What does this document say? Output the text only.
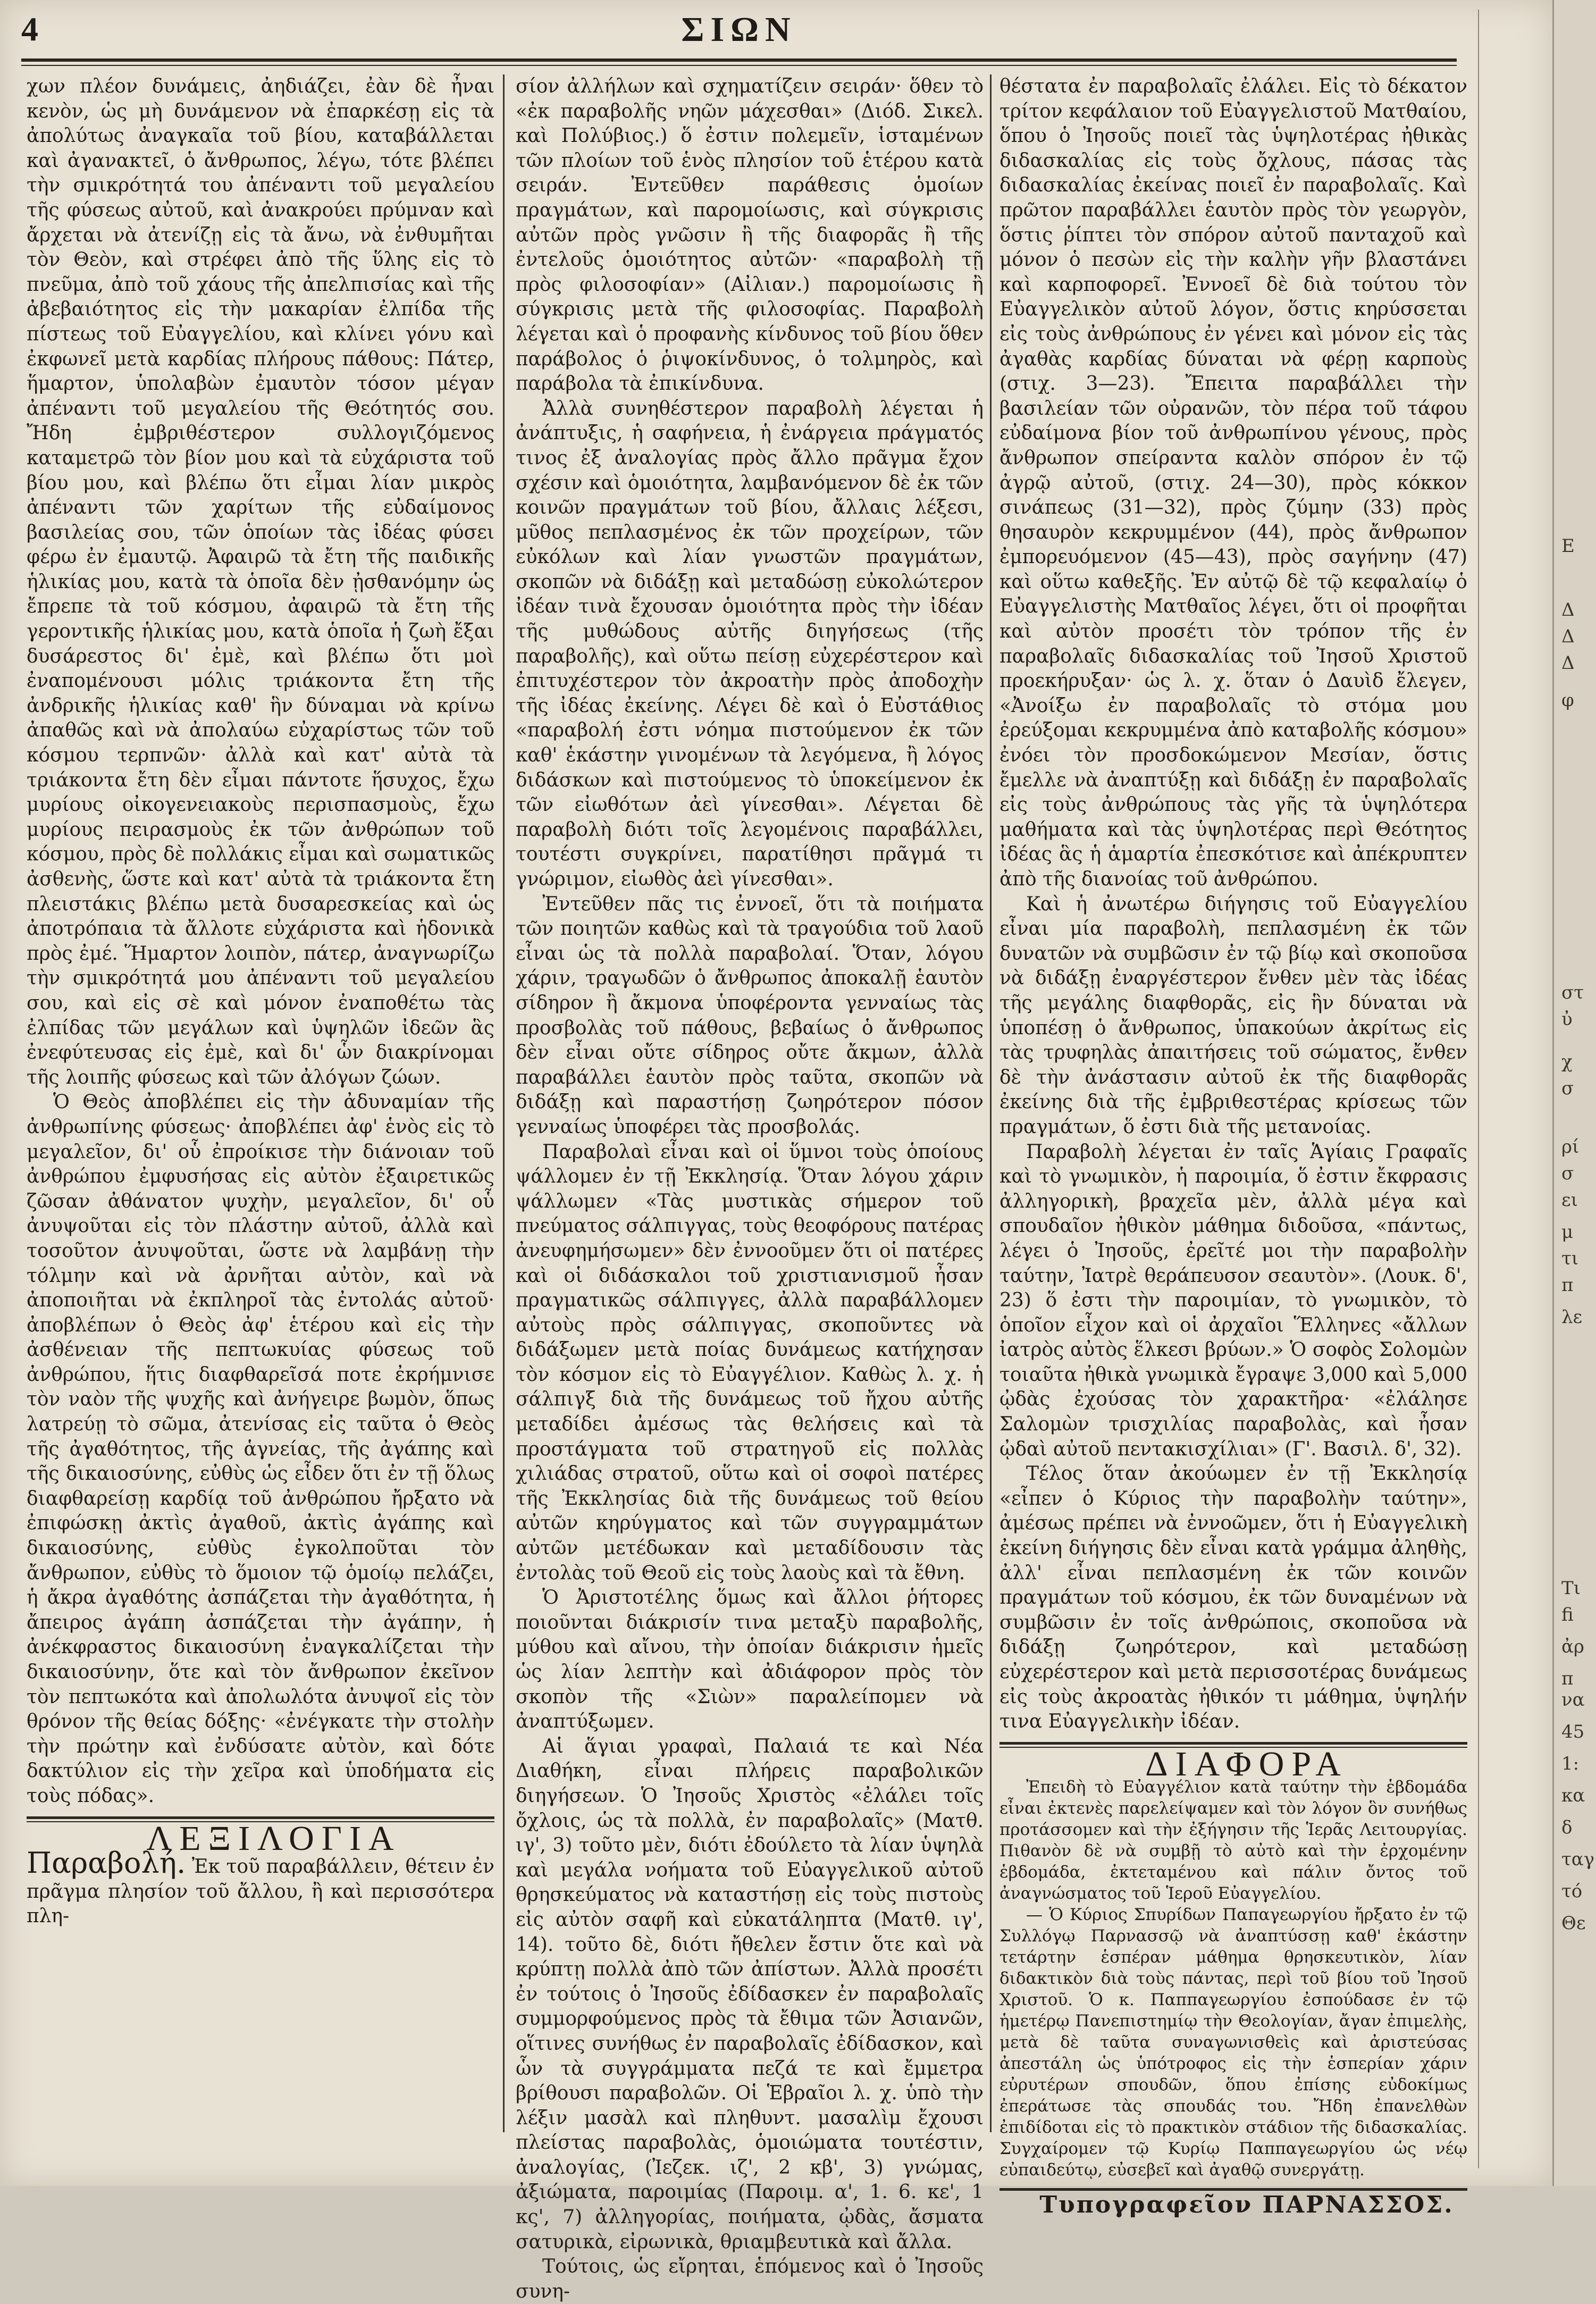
4	ΣΙΩΝ

χων πλέον δυνάμεις, ἀηδιάζει, ἐὰν δὲ ἦναι κενὸν, ὡς μὴ δυνάμενον νὰ ἐπαρκέσῃ εἰς τὰ ἀπολύτως ἀναγκαῖα τοῦ βίου, καταβάλλεται καὶ ἀγανακτεῖ, ὁ ἄνθρωπος, λέγω, τότε βλέπει τὴν σμικρότητά του ἀπέναντι τοῦ μεγαλείου τῆς φύσεως αὐτοῦ, καὶ ἀνακρούει πρύμναν καὶ ἄρχεται νὰ ἀτενίζῃ εἰς τὰ ἄνω, νὰ ἐνθυμῆται τὸν Θεὸν, καὶ στρέφει ἀπὸ τῆς ὕλης εἰς τὸ πνεῦμα, ἀπὸ τοῦ χάους τῆς ἀπελπισίας καὶ τῆς ἀβεβαιότητος εἰς τὴν μακαρίαν ἐλπίδα τῆς πίστεως τοῦ Εὐαγγελίου, καὶ κλίνει γόνυ καὶ ἐκφωνεῖ μετὰ καρδίας πλήρους πάθους: Πάτερ, ἥμαρτον, ὑπολαβὼν ἐμαυτὸν τόσον μέγαν ἀπέναντι τοῦ μεγαλείου τῆς Θεότητός σου. Ἤδη ἐμβριθέστερον συλλογιζόμενος καταμετρῶ τὸν βίον μου καὶ τὰ εὐχάριστα τοῦ βίου μου, καὶ βλέπω ὅτι εἶμαι λίαν μικρὸς ἀπέναντι τῶν χαρίτων τῆς εὐδαίμονος βασιλείας σου, τῶν ὁποίων τὰς ἰδέας φύσει φέρω ἐν ἐμαυτῷ. Ἀφαιρῶ τὰ ἔτη τῆς παιδικῆς ἡλικίας μου, κατὰ τὰ ὁποῖα δὲν ᾐσθανόμην ὡς ἔπρεπε τὰ τοῦ κόσμου, ἀφαιρῶ τὰ ἔτη τῆς γεροντικῆς ἡλικίας μου, κατὰ ὁποῖα ἡ ζωὴ ἔξαι δυσάρεστος δι' ἐμὲ, καὶ βλέπω ὅτι μοὶ ἐναπομένουσι μόλις τριάκοντα ἔτη τῆς ἀνδρικῆς ἡλικίας καθ' ἣν δύναμαι νὰ κρίνω ἀπαθῶς καὶ νὰ ἀπολαύω εὐχαρίστως τῶν τοῦ κόσμου τερπνῶν· ἀλλὰ καὶ κατ' αὐτὰ τὰ τριάκοντα ἔτη δὲν εἶμαι πάντοτε ἥσυχος, ἔχω μυρίους οἰκογενειακοὺς περισπασμοὺς, ἔχω μυρίους πειρασμοὺς ἐκ τῶν ἀνθρώπων τοῦ κόσμου, πρὸς δὲ πολλάκις εἶμαι καὶ σωματικῶς ἀσθενὴς, ὥστε καὶ κατ' αὐτὰ τὰ τριάκοντα ἔτη πλειστάκις βλέπω μετὰ δυσαρεσκείας καὶ ὡς ἀποτρόπαια τὰ ἄλλοτε εὐχάριστα καὶ ἡδονικὰ πρὸς ἐμέ. Ἥμαρτον λοιπὸν, πάτερ, ἀναγνωρίζω τὴν σμικρότητά μου ἀπέναντι τοῦ μεγαλείου σου, καὶ εἰς σὲ καὶ μόνον ἐναποθέτω τὰς ἐλπίδας τῶν μεγάλων καὶ ὑψηλῶν ἰδεῶν ἃς ἐνεφύτευσας εἰς ἐμὲ, καὶ δι' ὧν διακρίνομαι τῆς λοιπῆς φύσεως καὶ τῶν ἀλόγων ζώων.

Ὁ Θεὸς ἀποβλέπει εἰς τὴν ἀδυναμίαν τῆς ἀνθρωπίνης φύσεως· ἀποβλέπει ἀφ' ἑνὸς εἰς τὸ μεγαλεῖον, δι' οὗ ἐπροίκισε τὴν διάνοιαν τοῦ ἀνθρώπου ἐμφυσήσας εἰς αὐτὸν ἐξαιρετικῶς ζῶσαν ἀθάνατον ψυχὴν, μεγαλεῖον, δι' οὗ ἀνυψοῦται εἰς τὸν πλάστην αὐτοῦ, ἀλλὰ καὶ τοσοῦτον ἀνυψοῦται, ὥστε νὰ λαμβάνῃ τὴν τόλμην καὶ νὰ ἀρνῆται αὐτὸν, καὶ νὰ ἀποποιῆται νὰ ἐκπληροῖ τὰς ἐντολάς αὐτοῦ· ἀποβλέπων ὁ Θεὸς ἀφ' ἑτέρου καὶ εἰς τὴν ἀσθένειαν τῆς πεπτωκυίας φύσεως τοῦ ἀνθρώπου, ἥτις διαφθαρεῖσά ποτε ἐκρήμνισε τὸν ναὸν τῆς ψυχῆς καὶ ἀνήγειρε βωμὸν, ὅπως λατρεύῃ τὸ σῶμα, ἀτενίσας εἰς ταῦτα ὁ Θεὸς τῆς ἀγαθότητος, τῆς ἁγνείας, τῆς ἀγάπης καὶ τῆς δικαιοσύνης, εὐθὺς ὡς εἶδεν ὅτι ἐν τῇ ὅλως διαφθαρείσῃ καρδίᾳ τοῦ ἀνθρώπου ἤρξατο νὰ ἐπιφώσκῃ ἀκτὶς ἀγαθοῦ, ἀκτὶς ἀγάπης καὶ δικαιοσύνης, εὐθὺς ἐγκολποῦται τὸν ἄνθρωπον, εὐθὺς τὸ ὅμοιον τῷ ὁμοίῳ πελάζει, ἡ ἄκρα ἀγαθότης ἀσπάζεται τὴν ἀγαθότητα, ἡ ἄπειρος ἀγάπη ἀσπάζεται τὴν ἀγάπην, ἡ ἀνέκφραστος δικαιοσύνη ἐναγκαλίζεται τὴν δικαιοσύνην, ὅτε καὶ τὸν ἄνθρωπον ἐκεῖνον τὸν πεπτωκότα καὶ ἀπολωλότα ἀνυψοῖ εἰς τὸν θρόνον τῆς θείας δόξης· «ἐνέγκατε τὴν στολὴν τὴν πρώτην καὶ ἐνδύσατε αὐτὸν, καὶ δότε δακτύλιον εἰς τὴν χεῖρα καὶ ὑποδήματα εἰς τοὺς πόδας».

ΛΕΞΙΛΟΓΙΑ

Παραβολή. Ἐκ τοῦ παραβάλλειν, θέτειν ἐν πρᾶγμα πλησίον τοῦ ἄλλου, ἢ καὶ περισσότερα πλη-

σίον ἀλλήλων καὶ σχηματίζειν σειράν· ὅθεν τὸ «ἐκ παραβολῆς νηῶν μάχεσθαι» (Διόδ. Σικελ. καὶ Πολύβιος.) ὅ ἐστιν πολεμεῖν, ἱσταμένων τῶν πλοίων τοῦ ἑνὸς πλησίον τοῦ ἑτέρου κατὰ σειράν. Ἐντεῦθεν παράθεσις ὁμοίων πραγμάτων, καὶ παρομοίωσις, καὶ σύγκρισις αὐτῶν πρὸς γνῶσιν ἢ τῆς διαφορᾶς ἢ τῆς ἐντελοῦς ὁμοιότητος αὐτῶν· «παραβολὴ τῇ πρὸς φιλοσοφίαν» (Αἰλιαν.) παρομοίωσις ἢ σύγκρισις μετὰ τῆς φιλοσοφίας. Παραβολὴ λέγεται καὶ ὁ προφανὴς κίνδυνος τοῦ βίου ὅθεν παράβολος ὁ ῥιψοκίνδυνος, ὁ τολμηρὸς, καὶ παράβολα τὰ ἐπικίνδυνα.

Ἀλλὰ συνηθέστερον παραβολὴ λέγεται ἡ ἀνάπτυξις, ἡ σαφήνεια, ἡ ἐνάργεια πράγματός τινος ἐξ ἀναλογίας πρὸς ἄλλο πρᾶγμα ἔχον σχέσιν καὶ ὁμοιότητα, λαμβανόμενον δὲ ἐκ τῶν κοινῶν πραγμάτων τοῦ βίου, ἄλλαις λέξεσι, μῦθος πεπλασμένος ἐκ τῶν προχείρων, τῶν εὐκόλων καὶ λίαν γνωστῶν πραγμάτων, σκοπῶν νὰ διδάξῃ καὶ μεταδώσῃ εὐκολώτερον ἰδέαν τινὰ ἔχουσαν ὁμοιότητα πρὸς τὴν ἰδέαν τῆς μυθώδους αὐτῆς διηγήσεως (τῆς παραβολῆς), καὶ οὕτω πείσῃ εὐχερέστερον καὶ ἐπιτυχέστερον τὸν ἀκροατὴν πρὸς ἀποδοχὴν τῆς ἰδέας ἐκείνης. Λέγει δὲ καὶ ὁ Εὐστάθιος «παραβολή ἐστι νόημα πιστούμενον ἐκ τῶν καθ' ἑκάστην γινομένων τὰ λεγόμενα, ἢ λόγος διδάσκων καὶ πιστούμενος τὸ ὑποκείμενον ἐκ τῶν εἰωθότων ἀεὶ γίνεσθαι». Λέγεται δὲ παραβολὴ διότι τοῖς λεγομένοις παραβάλλει, τουτέστι συγκρίνει, παρατίθησι πρᾶγμά τι γνώριμον, εἰωθὸς ἀεὶ γίνεσθαι».

Ἐντεῦθεν πᾶς τις ἐννοεῖ, ὅτι τὰ ποιήματα τῶν ποιητῶν καθὼς καὶ τὰ τραγούδια τοῦ λαοῦ εἶναι ὡς τὰ πολλὰ παραβολαί. Ὅταν, λόγου χάριν, τραγωδῶν ὁ ἄνθρωπος ἀποκαλῇ ἑαυτὸν σίδηρον ἢ ἄκμονα ὑποφέροντα γενναίως τὰς προσβολὰς τοῦ πάθους, βεβαίως ὁ ἄνθρωπος δὲν εἶναι οὔτε σίδηρος οὔτε ἄκμων, ἀλλὰ παραβάλλει ἑαυτὸν πρὸς ταῦτα, σκοπῶν νὰ διδάξῃ καὶ παραστήσῃ ζωηρότερον πόσον γενναίως ὑποφέρει τὰς προσβολάς.

Παραβολαὶ εἶναι καὶ οἱ ὕμνοι τοὺς ὁποίους ψάλλομεν ἐν τῇ Ἐκκλησίᾳ. Ὅταν λόγου χάριν ψάλλωμεν «Τὰς μυστικὰς σήμερον τοῦ πνεύματος σάλπιγγας, τοὺς θεοφόρους πατέρας ἀνευφημήσωμεν» δὲν ἐννοοῦμεν ὅτι οἱ πατέρες καὶ οἱ διδάσκαλοι τοῦ χριστιανισμοῦ ἦσαν πραγματικῶς σάλπιγγες, ἀλλὰ παραβάλλομεν αὐτοὺς πρὸς σάλπιγγας, σκοποῦντες νὰ διδάξωμεν μετὰ ποίας δυνάμεως κατήχησαν τὸν κόσμον εἰς τὸ Εὐαγγέλιον. Καθὼς λ. χ. ἡ σάλπιγξ διὰ τῆς δυνάμεως τοῦ ἤχου αὐτῆς μεταδίδει ἀμέσως τὰς θελήσεις καὶ τὰ προστάγματα τοῦ στρατηγοῦ εἰς πολλὰς χιλιάδας στρατοῦ, οὕτω καὶ οἱ σοφοὶ πατέρες τῆς Ἐκκλησίας διὰ τῆς δυνάμεως τοῦ θείου αὐτῶν κηρύγματος καὶ τῶν συγγραμμάτων αὐτῶν μετέδωκαν καὶ μεταδίδουσιν τὰς ἐντολὰς τοῦ Θεοῦ εἰς τοὺς λαοὺς καὶ τὰ ἔθνη.

Ὁ Ἀριστοτέλης ὅμως καὶ ἄλλοι ῥήτορες ποιοῦνται διάκρισίν τινα μεταξὺ παραβολῆς, μύθου καὶ αἴνου, τὴν ὁποίαν διάκρισιν ἡμεῖς ὡς λίαν λεπτὴν καὶ ἀδιάφορον πρὸς τὸν σκοπὸν τῆς «Σιὼν» παραλείπομεν νὰ ἀναπτύξωμεν.

Αἱ ἅγιαι γραφαὶ, Παλαιά τε καὶ Νέα Διαθήκη, εἶναι πλήρεις παραβολικῶν διηγήσεων. Ὁ Ἰησοῦς Χριστὸς «ἐλάλει τοῖς ὄχλοις, ὡς τὰ πολλὰ, ἐν παραβολαῖς» (Ματθ. ιγ', 3) τοῦτο μὲν, διότι ἐδούλετο τὰ λίαν ὑψηλὰ καὶ μεγάλα νοήματα τοῦ Εὐαγγελικοῦ αὐτοῦ θρησκεύματος νὰ καταστήσῃ εἰς τοὺς πιστοὺς εἰς αὐτὸν σαφῆ καὶ εὐκατάληπτα (Ματθ. ιγ', 14). τοῦτο δὲ, διότι ἤθελεν ἔστιν ὅτε καὶ νὰ κρύπτῃ πολλὰ ἀπὸ τῶν ἀπίστων. Ἀλλὰ προσέτι ἐν τούτοις ὁ Ἰησοῦς ἐδίδασκεν ἐν παραβολαῖς συμμορφούμενος πρὸς τὰ ἔθιμα τῶν Ἀσιανῶν, οἵτινες συνήθως ἐν παραβολαῖς ἐδίδασκον, καὶ ὧν τὰ συγγράμματα πεζά τε καὶ ἔμμετρα βρίθουσι παραβολῶν. Οἱ Ἑβραῖοι λ. χ. ὑπὸ τὴν λέξιν μασὰλ καὶ πληθυντ. μασαλὶμ ἔχουσι πλείστας παραβολὰς, ὁμοιώματα τουτέστιν, ἀναλογίας, (Ἰεζεκ. ιζ', 2 κβ', 3) γνώμας, ἀξιώματα, παροιμίας (Παροιμ. α', 1. 6. κε', 1 κς', 7) ἀλληγορίας, ποιήματα, ᾠδὰς, ἄσματα σατυρικὰ, εἰρωνικὰ, θριαμβευτικὰ καὶ ἄλλα.

Τούτοις, ὡς εἴρηται, ἑπόμενος καὶ ὁ Ἰησοῦς συνη-

θέστατα ἐν παραβολαῖς ἐλάλει. Εἰς τὸ δέκατον τρίτον κεφάλαιον τοῦ Εὐαγγελιστοῦ Ματθαίου, ὅπου ὁ Ἰησοῦς ποιεῖ τὰς ὑψηλοτέρας ἠθικὰς διδασκαλίας εἰς τοὺς ὄχλους, πάσας τὰς διδασκαλίας ἐκείνας ποιεῖ ἐν παραβολαῖς. Καὶ πρῶτον παραβάλλει ἑαυτὸν πρὸς τὸν γεωργὸν, ὅστις ῥίπτει τὸν σπόρον αὐτοῦ πανταχοῦ καὶ μόνον ὁ πεσὼν εἰς τὴν καλὴν γῆν βλαστάνει καὶ καρποφορεῖ. Ἐννοεῖ δὲ διὰ τούτου τὸν Εὐαγγελικὸν αὐτοῦ λόγον, ὅστις κηρύσσεται εἰς τοὺς ἀνθρώπους ἐν γένει καὶ μόνον εἰς τὰς ἀγαθὰς καρδίας δύναται νὰ φέρῃ καρποὺς (στιχ. 3—23). Ἔπειτα παραβάλλει τὴν βασιλείαν τῶν οὐρανῶν, τὸν πέρα τοῦ τάφου εὐδαίμονα βίον τοῦ ἀνθρωπίνου γένους, πρὸς ἄνθρωπον σπείραντα καλὸν σπόρον ἐν τῷ ἀγρῷ αὐτοῦ, (στιχ. 24—30), πρὸς κόκκον σινάπεως (31—32), πρὸς ζύμην (33) πρὸς θησαυρὸν κεκρυμμένον (44), πρὸς ἄνθρωπον ἐμπορευόμενον (45—43), πρὸς σαγήνην (47) καὶ οὕτω καθεξῆς. Ἐν αὐτῷ δὲ τῷ κεφαλαίῳ ὁ Εὐαγγελιστὴς Ματθαῖος λέγει, ὅτι οἱ προφῆται καὶ αὐτὸν προσέτι τὸν τρόπον τῆς ἐν παραβολαῖς διδασκαλίας τοῦ Ἰησοῦ Χριστοῦ προεκήρυξαν· ὡς λ. χ. ὅταν ὁ Δαυὶδ ἔλεγεν, «Ἀνοίξω ἐν παραβολαῖς τὸ στόμα μου ἐρεύξομαι κεκρυμμένα ἀπὸ καταβολῆς κόσμου» ἐνόει τὸν προσδοκώμενον Μεσίαν, ὅστις ἔμελλε νὰ ἀναπτύξῃ καὶ διδάξῃ ἐν παραβολαῖς εἰς τοὺς ἀνθρώπους τὰς γῆς τὰ ὑψηλότερα μαθήματα καὶ τὰς ὑψηλοτέρας περὶ Θεότητος ἰδέας ἃς ἡ ἁμαρτία ἐπεσκότισε καὶ ἀπέκρυπτεν ἀπὸ τῆς διανοίας τοῦ ἀνθρώπου.

Καὶ ἡ ἀνωτέρω διήγησις τοῦ Εὐαγγελίου εἶναι μία παραβολὴ, πεπλασμένη ἐκ τῶν δυνατῶν νὰ συμβῶσιν ἐν τῷ βίῳ καὶ σκοποῦσα νὰ διδάξῃ ἐναργέστερον ἔνθεν μὲν τὰς ἰδέας τῆς μεγάλης διαφθορᾶς, εἰς ἣν δύναται νὰ ὑποπέσῃ ὁ ἄνθρωπος, ὑπακούων ἀκρίτως εἰς τὰς τρυφηλὰς ἀπαιτήσεις τοῦ σώματος, ἔνθεν δὲ τὴν ἀνάστασιν αὐτοῦ ἐκ τῆς διαφθορᾶς ἐκείνης διὰ τῆς ἐμβριθεστέρας κρίσεως τῶν πραγμάτων, ὅ ἐστι διὰ τῆς μετανοίας.

Παραβολὴ λέγεται ἐν ταῖς Ἁγίαις Γραφαῖς καὶ τὸ γνωμικὸν, ἡ παροιμία, ὅ ἐστιν ἔκφρασις ἀλληγορικὴ, βραχεῖα μὲν, ἀλλὰ μέγα καὶ σπουδαῖον ἠθικὸν μάθημα διδοῦσα, «πάντως, λέγει ὁ Ἰησοῦς, ἐρεῖτέ μοι τὴν παραβολὴν ταύτην, Ἰατρὲ θεράπευσον σεαυτὸν». (Λουκ. δ', 23) ὅ ἐστι τὴν παροιμίαν, τὸ γνωμικὸν, τὸ ὁποῖον εἶχον καὶ οἱ ἀρχαῖοι Ἕλληνες «ἄλλων ἰατρὸς αὐτὸς ἕλκεσι βρύων.» Ὁ σοφὸς Σολομὼν τοιαῦτα ἠθικὰ γνωμικὰ ἔγραψε 3,000 καὶ 5,000 ᾠδὰς ἐχούσας τὸν χαρακτῆρα· «ἐλάλησε Σαλομὼν τρισχιλίας παραβολὰς, καὶ ἦσαν ᾠδαὶ αὐτοῦ πεντακισχίλιαι» (Γ'. Βασιλ. δ', 32).

Τέλος ὅταν ἀκούωμεν ἐν τῇ Ἐκκλησίᾳ «εἶπεν ὁ Κύριος τὴν παραβολὴν ταύτην», ἀμέσως πρέπει νὰ ἐννοῶμεν, ὅτι ἡ Εὐαγγελικὴ ἐκείνη διήγησις δὲν εἶναι κατὰ γράμμα ἀληθὴς, ἀλλ' εἶναι πεπλασμένη ἐκ τῶν κοινῶν πραγμάτων τοῦ κόσμου, ἐκ τῶν δυναμένων νὰ συμβῶσιν ἐν τοῖς ἀνθρώποις, σκοποῦσα νὰ διδάξῃ ζωηρότερον, καὶ μεταδώσῃ εὐχερέστερον καὶ μετὰ περισσοτέρας δυνάμεως εἰς τοὺς ἀκροατὰς ἠθικόν τι μάθημα, ὑψηλήν τινα Εὐαγγελικὴν ἰδέαν.

ΔΙΑΦΟΡΑ

Ἐπειδὴ τὸ Εὐαγγέλιον κατὰ ταύτην τὴν ἑβδομάδα εἶναι ἐκτενὲς παρελείψαμεν καὶ τὸν λόγον ὃν συνήθως προτάσσομεν καὶ τὴν ἐξήγησιν τῆς Ἱερᾶς Λειτουργίας. Πιθανὸν δὲ νὰ συμβῇ τὸ αὐτὸ καὶ τὴν ἐρχομένην ἑβδομάδα, ἐκτεταμένου καὶ πάλιν ὄντος τοῦ ἀναγνώσματος τοῦ Ἱεροῦ Εὐαγγελίου.

— Ὁ Κύριος Σπυρίδων Παπαγεωργίου ἤρξατο ἐν τῷ Συλλόγῳ Παρνασσῷ νὰ ἀναπτύσσῃ καθ' ἑκάστην τετάρτην ἑσπέραν μάθημα θρησκευτικὸν, λίαν διδακτικὸν διὰ τοὺς πάντας, περὶ τοῦ βίου τοῦ Ἰησοῦ Χριστοῦ. Ὁ κ. Παππαγεωργίου ἐσπούδασε ἐν τῷ ἡμετέρῳ Πανεπιστημίῳ τὴν Θεολογίαν, ἄγαν ἐπιμελὴς, μετὰ δὲ ταῦτα συναγωνισθεὶς καὶ ἀριστεύσας ἀπεστάλη ὡς ὑπότροφος εἰς τὴν ἑσπερίαν χάριν εὐρυτέρων σπουδῶν, ὅπου ἐπίσης εὐδοκίμως ἐπεράτωσε τὰς σπουδάς του. Ἤδη ἐπανελθὼν ἐπιδίδοται εἰς τὸ πρακτικὸν στάδιον τῆς διδασκαλίας. Συγχαίρομεν τῷ Κυρίῳ Παππαγεωργίου ὡς νέῳ εὐπαιδεύτῳ, εὐσεβεῖ καὶ ἀγαθῷ συνεργάτῃ.

Τυπογραφεῖον ΠΑΡΝΑΣΣΟΣ.

Ε
Δ
Δ
Δ
φ
στ
ὐ
χ
σ
ρί
σ
ει
μ
τι
π
λε
Τι
fi
ἀρ
π
να
45
1:
κα
δ
ταγ
τό
Θε
